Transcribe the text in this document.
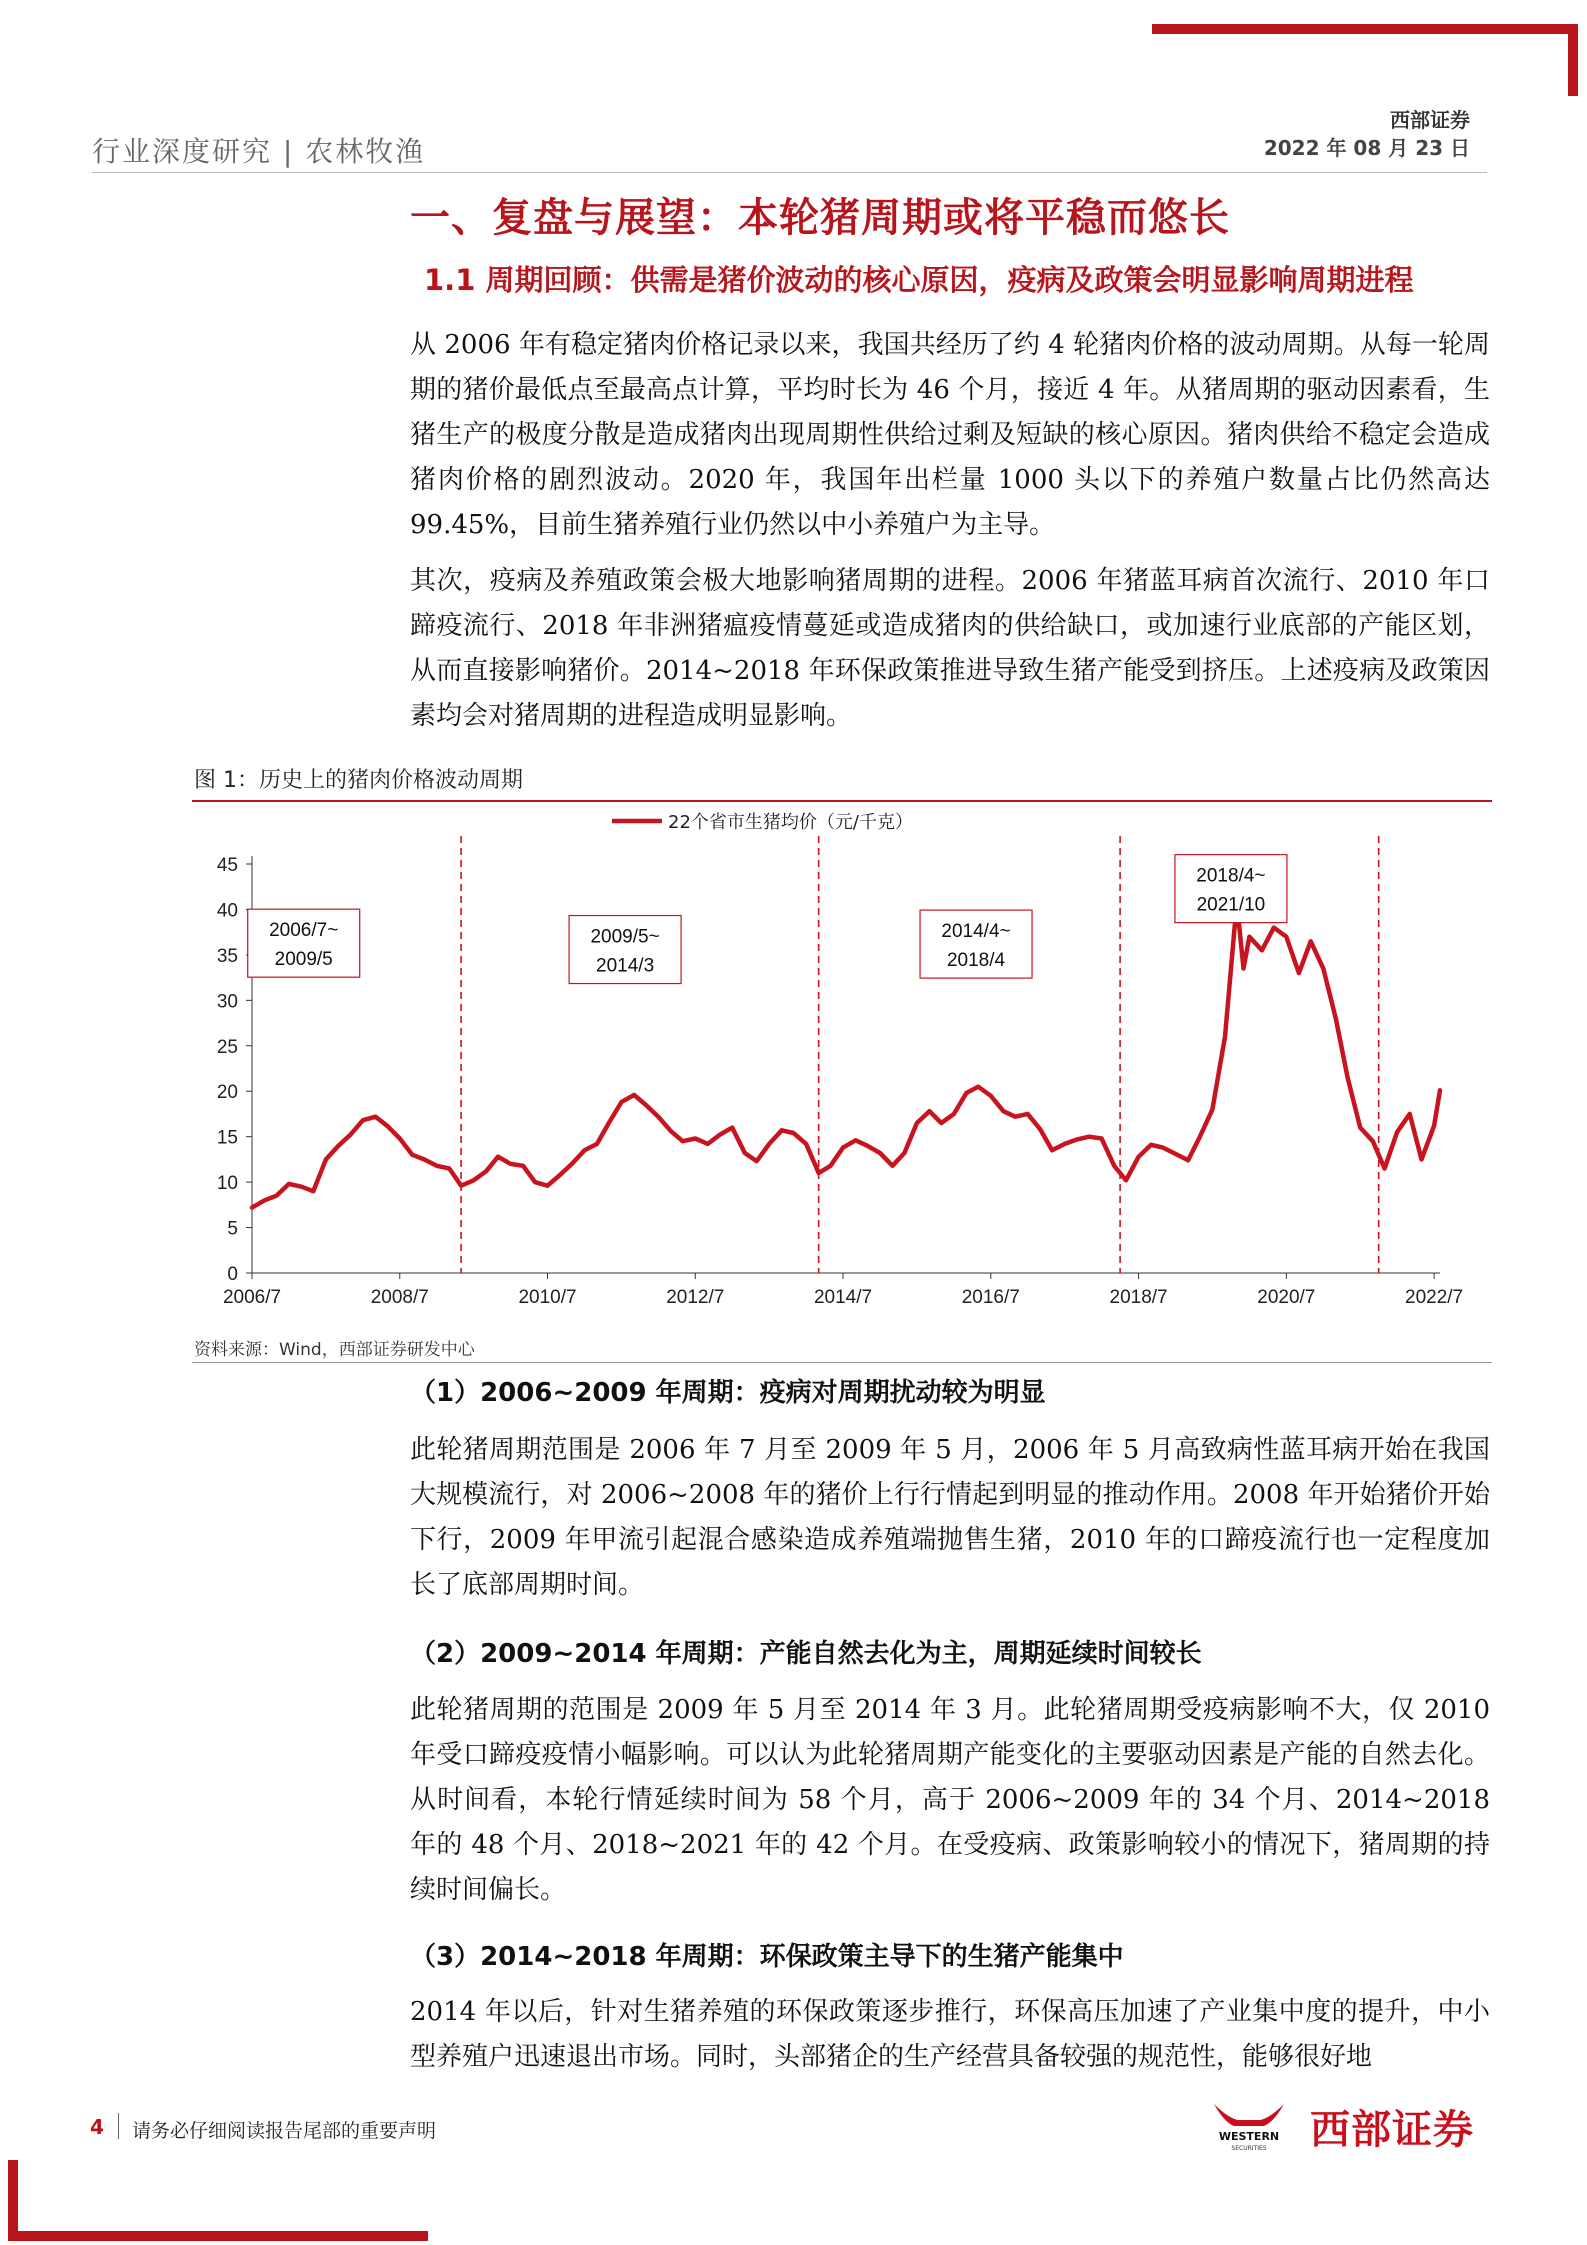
行业深度研究 | 农林牧渔
西部证券
2022 年 08 月 23 日
一、复盘与展望：本轮猪周期或将平稳而悠长
1.1 周期回顾：供需是猪价波动的核心原因，疫病及政策会明显影响周期进程
从 2006 年有稳定猪肉价格记录以来，我国共经历了约 4 轮猪肉价格的波动周期。从每一轮周期的猪价最低点至最高点计算，平均时长为 46 个月，接近 4 年。从猪周期的驱动因素看，生猪生产的极度分散是造成猪肉出现周期性供给过剩及短缺的核心原因。猪肉供给不稳定会造成猪肉价格的剧烈波动。2020 年，我国年出栏量 1000 头以下的养殖户数量占比仍然高达 99.45%，目前生猪养殖行业仍然以中小养殖户为主导。
其次，疫病及养殖政策会极大地影响猪周期的进程。2006 年猪蓝耳病首次流行、2010 年口蹄疫流行、2018 年非洲猪瘟疫情蔓延或造成猪肉的供给缺口，或加速行业底部的产能区划，从而直接影响猪价。2014~2018 年环保政策推进导致生猪产能受到挤压。上述疫病及政策因素均会对猪周期的进程造成明显影响。
图 1：历史上的猪肉价格波动周期
2006/7~
2009/5
2009/5~
2014/3
2014/4~
2018/4
2018/4~
2021/10
22个省市生猪均价（元/千克）
0
5
10
15
20
25
30
35
40
45
2006/7	2008/7	2010/7	2012/7	2014/7	2016/7	2018/7	2020/7	2022/7
资料来源：Wind，西部证券研发中心
（1）2006~2009 年周期：疫病对周期扰动较为明显
此轮猪周期范围是 2006 年 7 月至 2009 年 5 月，2006 年 5 月高致病性蓝耳病开始在我国大规模流行，对 2006~2008 年的猪价上行行情起到明显的推动作用。2008 年开始猪价开始下行，2009 年甲流引起混合感染造成养殖端抛售生猪，2010 年的口蹄疫流行也一定程度加长了底部周期时间。
（2）2009~2014 年周期：产能自然去化为主，周期延续时间较长
此轮猪周期的范围是 2009 年 5 月至 2014 年 3 月。此轮猪周期受疫病影响不大，仅 2010 年受口蹄疫疫情小幅影响。可以认为此轮猪周期产能变化的主要驱动因素是产能的自然去化。从时间看，本轮行情延续时间为 58 个月，高于 2006~2009 年的 34 个月、2014~2018 年的 48 个月、2018~2021 年的 42 个月。在受疫病、政策影响较小的情况下，猪周期的持续时间偏长。
（3）2014~2018 年周期：环保政策主导下的生猪产能集中
2014 年以后，针对生猪养殖的环保政策逐步推行，环保高压加速了产业集中度的提升，中小型养殖户迅速退出市场。同时，头部猪企的生产经营具备较强的规范性，能够很好地
4 请务必仔细阅读报告尾部的重要声明	WESTERN
SECURITIES 西部证券
